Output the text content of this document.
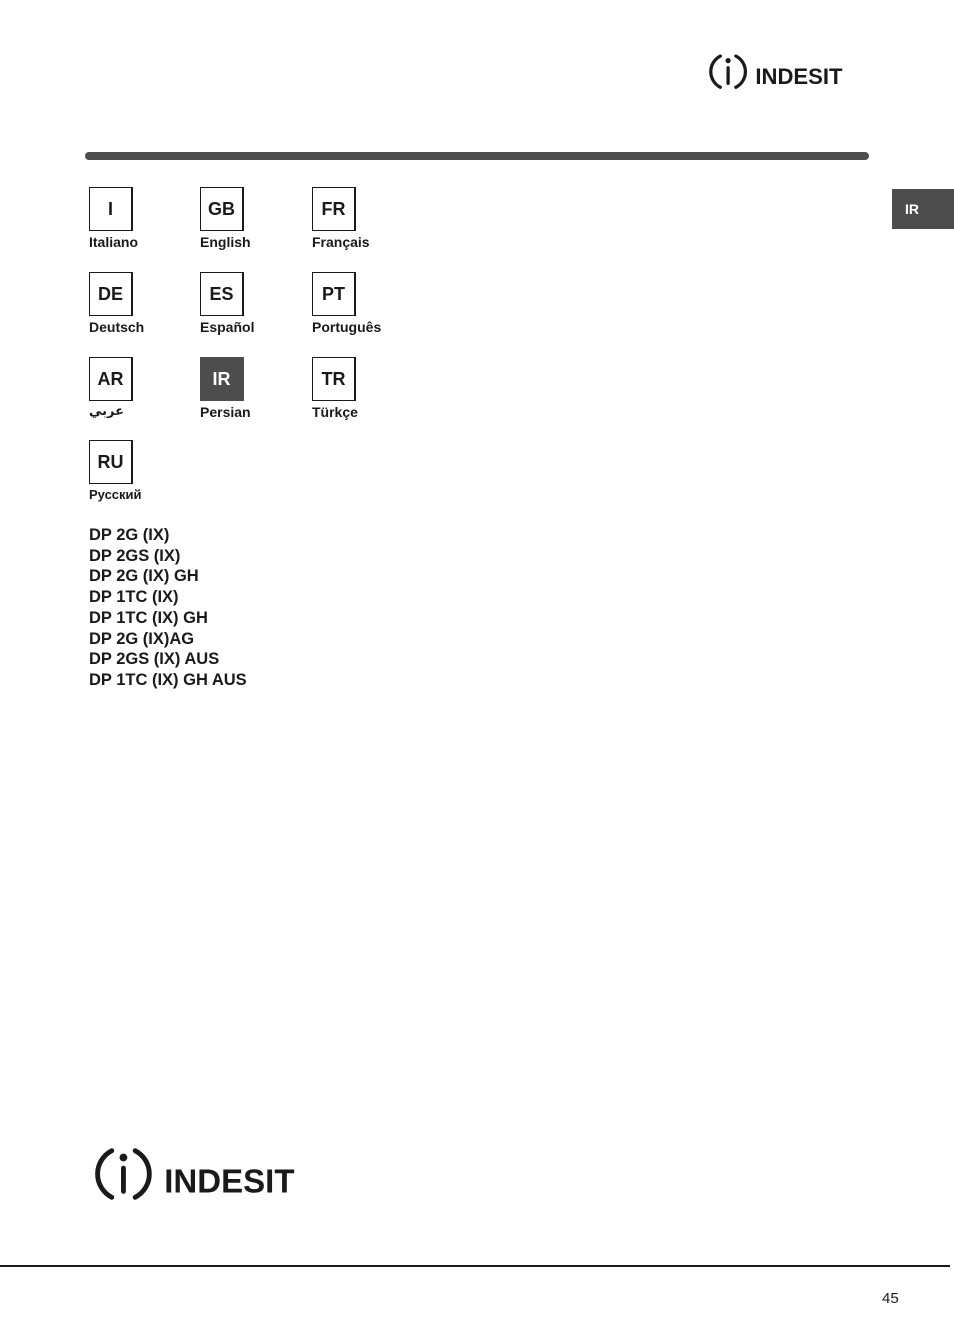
INDESIT
IR
I
Italiano
GB
English
FR
Français
DE
Deutsch
ES
Español
PT
Português
AR
عربي
IR
Persian
TR
Türkçe
RU
Русский
DP 2G (IX)
DP 2GS (IX)
DP 2G (IX) GH
DP 1TC (IX)
DP 1TC (IX) GH
DP 2G (IX)AG
DP 2GS (IX) AUS
DP 1TC (IX) GH AUS
INDESIT
45
